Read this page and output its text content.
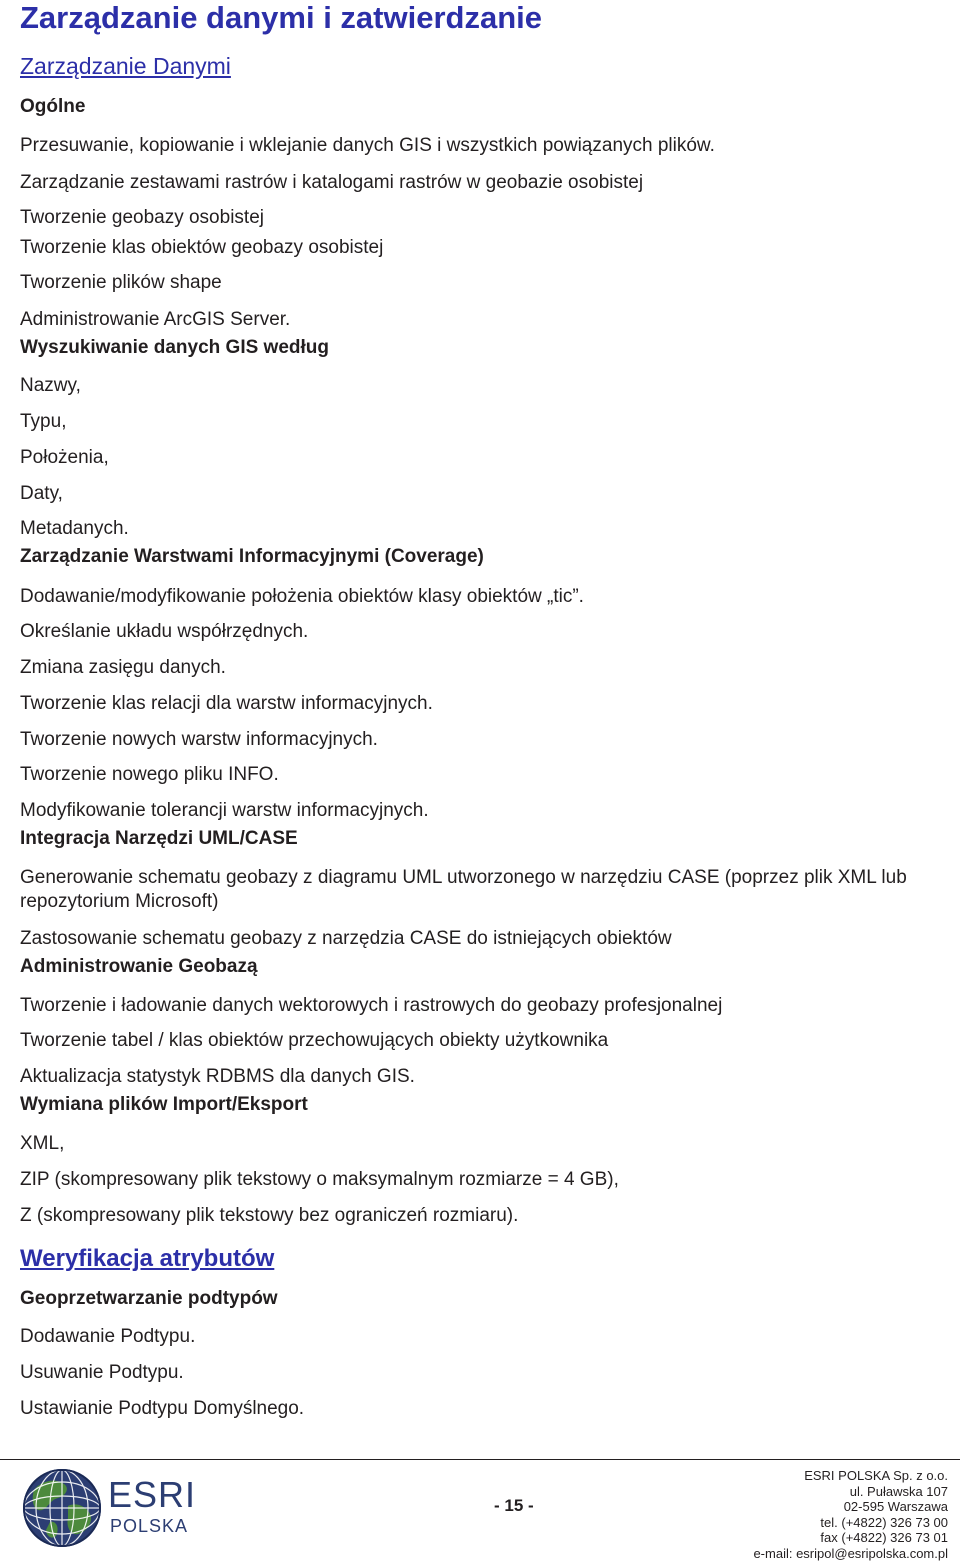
Zarządzanie danymi i zatwierdzanie
Zarządzanie Danymi
Ogólne

Przesuwanie, kopiowanie i wklejanie danych GIS i wszystkich powiązanych plików.

Zarządzanie zestawami rastrów i katalogami rastrów w geobazie osobistej

Tworzenie geobazy osobistej

Tworzenie klas obiektów geobazy osobistej

Tworzenie plików shape

Administrowanie ArcGIS Server.

Wyszukiwanie danych GIS według

Nazwy,

Typu,

Położenia,

Daty,

Metadanych.

Zarządzanie Warstwami Informacyjnymi (Coverage)

Dodawanie/modyfikowanie położenia obiektów klasy obiektów „tic”.

Określanie układu współrzędnych.

Zmiana zasięgu danych.

Tworzenie klas relacji dla warstw informacyjnych.

Tworzenie nowych warstw informacyjnych.

Tworzenie nowego pliku INFO.

Modyfikowanie tolerancji warstw informacyjnych.

Integracja Narzędzi UML/CASE

Generowanie schematu geobazy z diagramu UML utworzonego w narzędziu CASE (poprzez plik XML lub repozytorium Microsoft)

Zastosowanie schematu geobazy z narzędzia CASE do istniejących obiektów

Administrowanie Geobazą

Tworzenie i ładowanie danych wektorowych i rastrowych do geobazy profesjonalnej

Tworzenie tabel / klas obiektów przechowujących obiekty użytkownika

Aktualizacja statystyk RDBMS dla danych GIS.

Wymiana plików Import/Eksport

XML,

ZIP (skompresowany plik tekstowy o maksymalnym rozmiarze = 4 GB),

Z (skompresowany plik tekstowy bez ograniczeń rozmiaru).

Weryfikacja atrybutów
Geoprzetwarzanie podtypów

Dodawanie Podtypu.

Usuwanie Podtypu.

Ustawianie Podtypu Domyślnego.

ESRI
POLSKA
- 15 -
ESRI POLSKA Sp. z o.o.
ul. Puławska 107
02-595 Warszawa
tel. (+4822) 326 73 00
fax (+4822) 326 73 01
e-mail: esripol@esripolska.com.pl
